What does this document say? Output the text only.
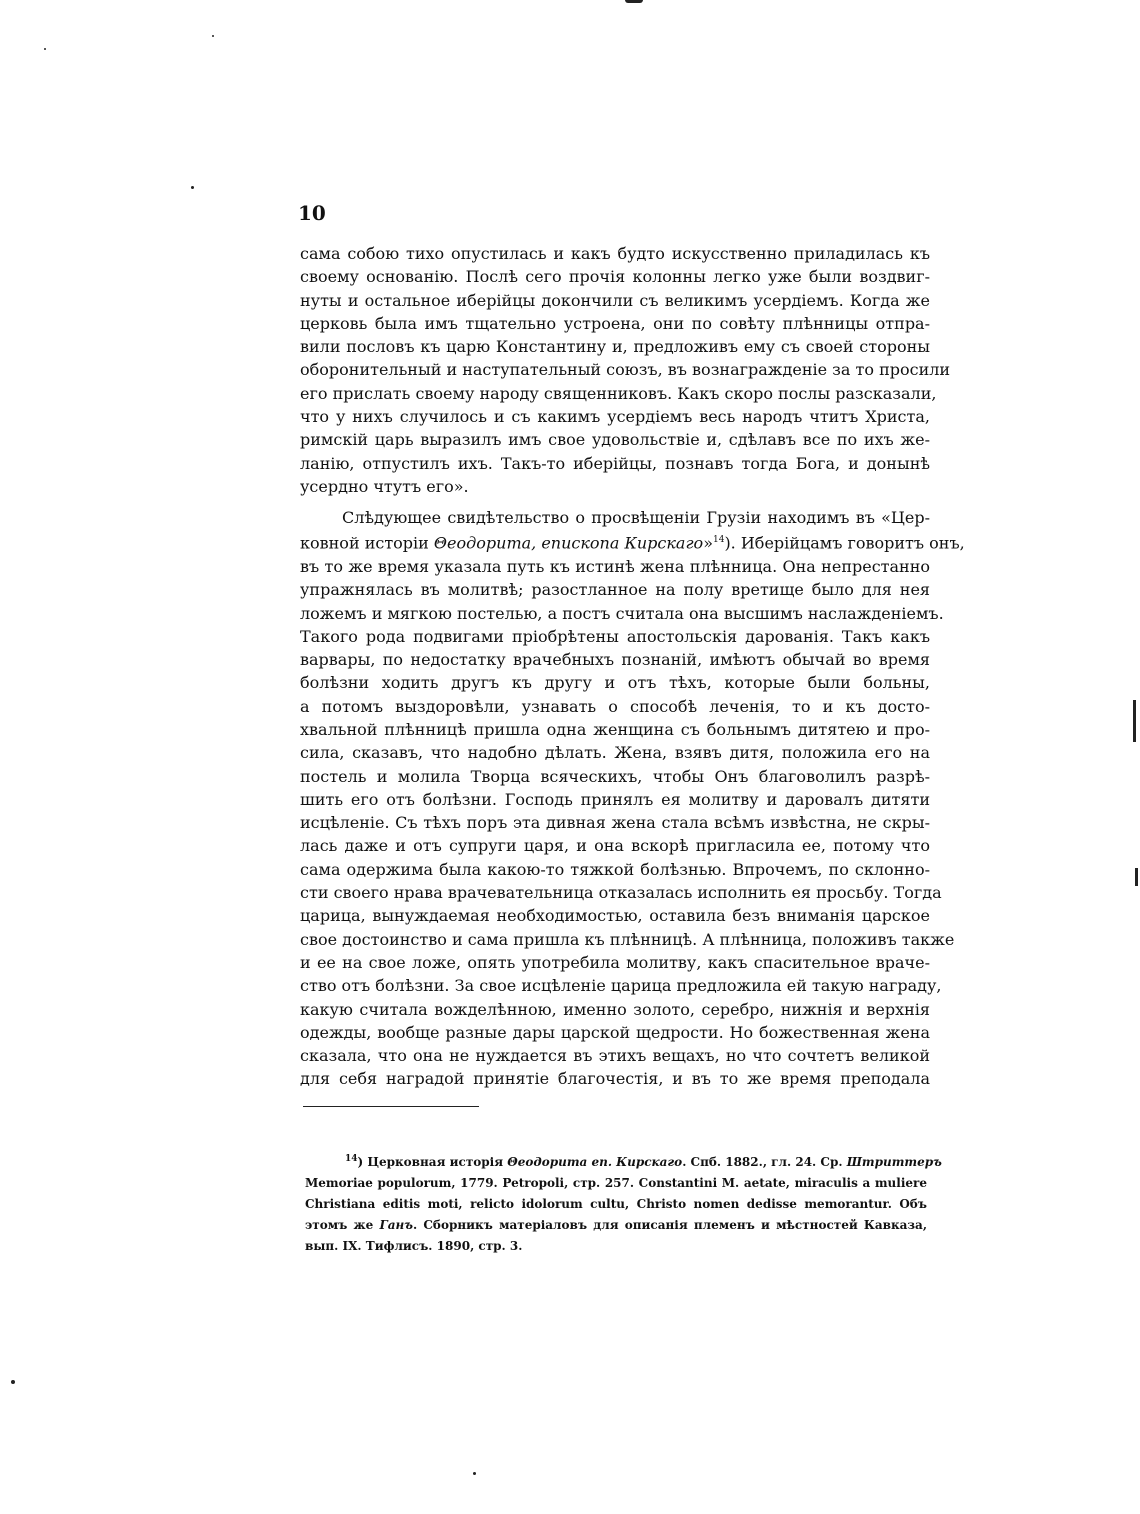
10
сама собою тихо опустилась и какъ будто искусственно приладилась къ
своему основанію. Послѣ сего прочія колонны легко уже были воздвиг-
нуты и остальное иберійцы докончили съ великимъ усердіемъ. Когда же
церковь была имъ тщательно устроена, они по совѣту плѣнницы отпра-
вили пословъ къ царю Константину и, предложивъ ему съ своей стороны
оборонительный и наступательный союзъ, въ вознагражденіе за то просили
его прислать своему народу священниковъ. Какъ скоро послы разсказали,
что у нихъ случилось и съ какимъ усердіемъ весь народъ чтитъ Христа,
римскій царь выразилъ имъ свое удовольствіе и, сдѣлавъ все по ихъ же-
ланію, отпустилъ ихъ. Такъ-то иберійцы, познавъ тогда Бога, и донынѣ
усердно чтутъ его».
Слѣдующее свидѣтельство о просвѣщеніи Грузіи находимъ въ «Цер-
ковной исторіи Θеодорита, епископа Кирскаго»$^{14}$). Иберійцамъ говоритъ онъ,
въ то же время указала путь къ истинѣ жена плѣнница. Она непрестанно
упражнялась въ молитвѣ; разостланное на полу вретище было для нея
ложемъ и мягкою постелью, а постъ считала она высшимъ наслажденіемъ.
Такого рода подвигами пріобрѣтены апостольскія дарованія. Такъ какъ
варвары, по недостатку врачебныхъ познаній, имѣютъ обычай во время
болѣзни ходить другъ къ другу и отъ тѣхъ, которые были больны,
а потомъ выздоровѣли, узнавать о способѣ леченія, то и къ достo-
хвальной плѣнницѣ пришла одна женщина съ больнымъ дитятею и про-
сила, сказавъ, что надобно дѣлать. Жена, взявъ дитя, положила его на
постель и молила Творца всяческихъ, чтобы Онъ благоволилъ разрѣ-
шить его отъ болѣзни. Господь принялъ ея молитву и даровалъ дитяти
исцѣленіе. Съ тѣхъ поръ эта дивная жена стала всѣмъ извѣстна, не скры-
лась даже и отъ супруги царя, и она вскорѣ пригласила ее, потому что
сама одержима была какою-то тяжкой болѣзнью. Впрочемъ, по склонно-
сти своего нрава врачевательница отказалась исполнить ея просьбу. Тогда
царица, вынуждаемая необходимостью, оставила безъ вниманія царское
свое достоинство и сама пришла къ плѣнницѣ. А плѣнница, положивъ также
и ее на свое ложе, опять употребила молитву, какъ спасительное враче-
ство отъ болѣзни. За свое исцѣленіе царица предложила ей такую награду,
какую считала вожделѣнною, именно золото, серебро, нижнія и верхнія
одежды, вообще разные дары царской щедрости. Но божественная жена
сказала, что она не нуждается въ этихъ вещахъ, но что сочтетъ великой
для себя наградой принятіе благочестія, и въ то же время преподала
$^{14}$) Церковная исторія Θеодорита еп. Кирскаго. Спб. 1882., гл. 24. Ср. Штриттеръ
Memoriae populorum, 1779. Petropoli, стр. 257. Constantini M. aetate, miraculis a muliere
Christiana editis moti, relicto idolorum cultu, Christo nomen dedisse memorantur. Объ
этомъ же Ганъ. Сборникъ матеріаловъ для описанія племенъ и мѣстностей Кавказа,
вып. IX. Тифлисъ. 1890, стр. 3.
